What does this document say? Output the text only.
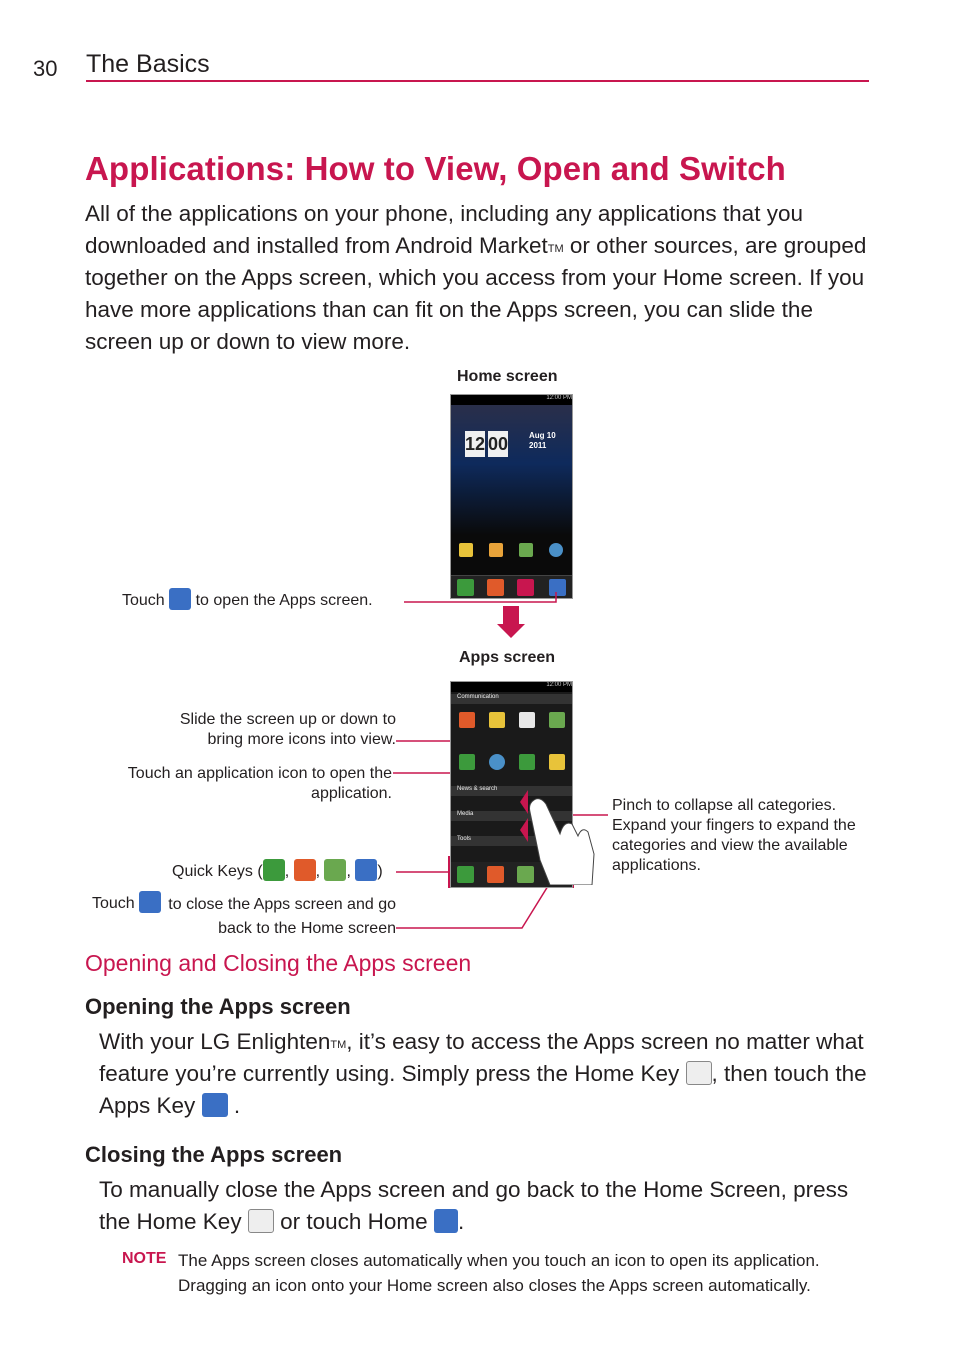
30 The Basics
Applications: How to View, Open and Switch

All of the applications on your phone, including any applications that you downloaded and installed from Android Market™ or other sources, are grouped together on the Apps screen, which you access from your Home screen. If you have more applications than can fit on the Apps screen, you can slide the screen up or down to view more.

Home screen
12:00 PM
12 00	Aug 10 2011
Touch to open the Apps screen.
Apps screen
12:00 PM
Communication
News & search
Media
Tools
Pinch to collapse all categories. Expand your fingers to expand the categories and view the available applications.
Slide the screen up or down to bring more icons into view.
Touch an application icon to open the application.
Quick Keys ( , , , )
Touch	to close the Apps screen and go back to the Home screen
Opening and Closing the Apps screen
Opening the Apps screen

With your LG Enlighten™, it’s easy to access the Apps screen no matter what feature you’re currently using. Simply press the Home Key , then touch the Apps Key .

Closing the Apps screen

To manually close the Apps screen and go back to the Home Screen, press the Home Key  or touch Home .

NOTE The Apps screen closes automatically when you touch an icon to open its application. Dragging an icon onto your Home screen also closes the Apps screen automatically.
